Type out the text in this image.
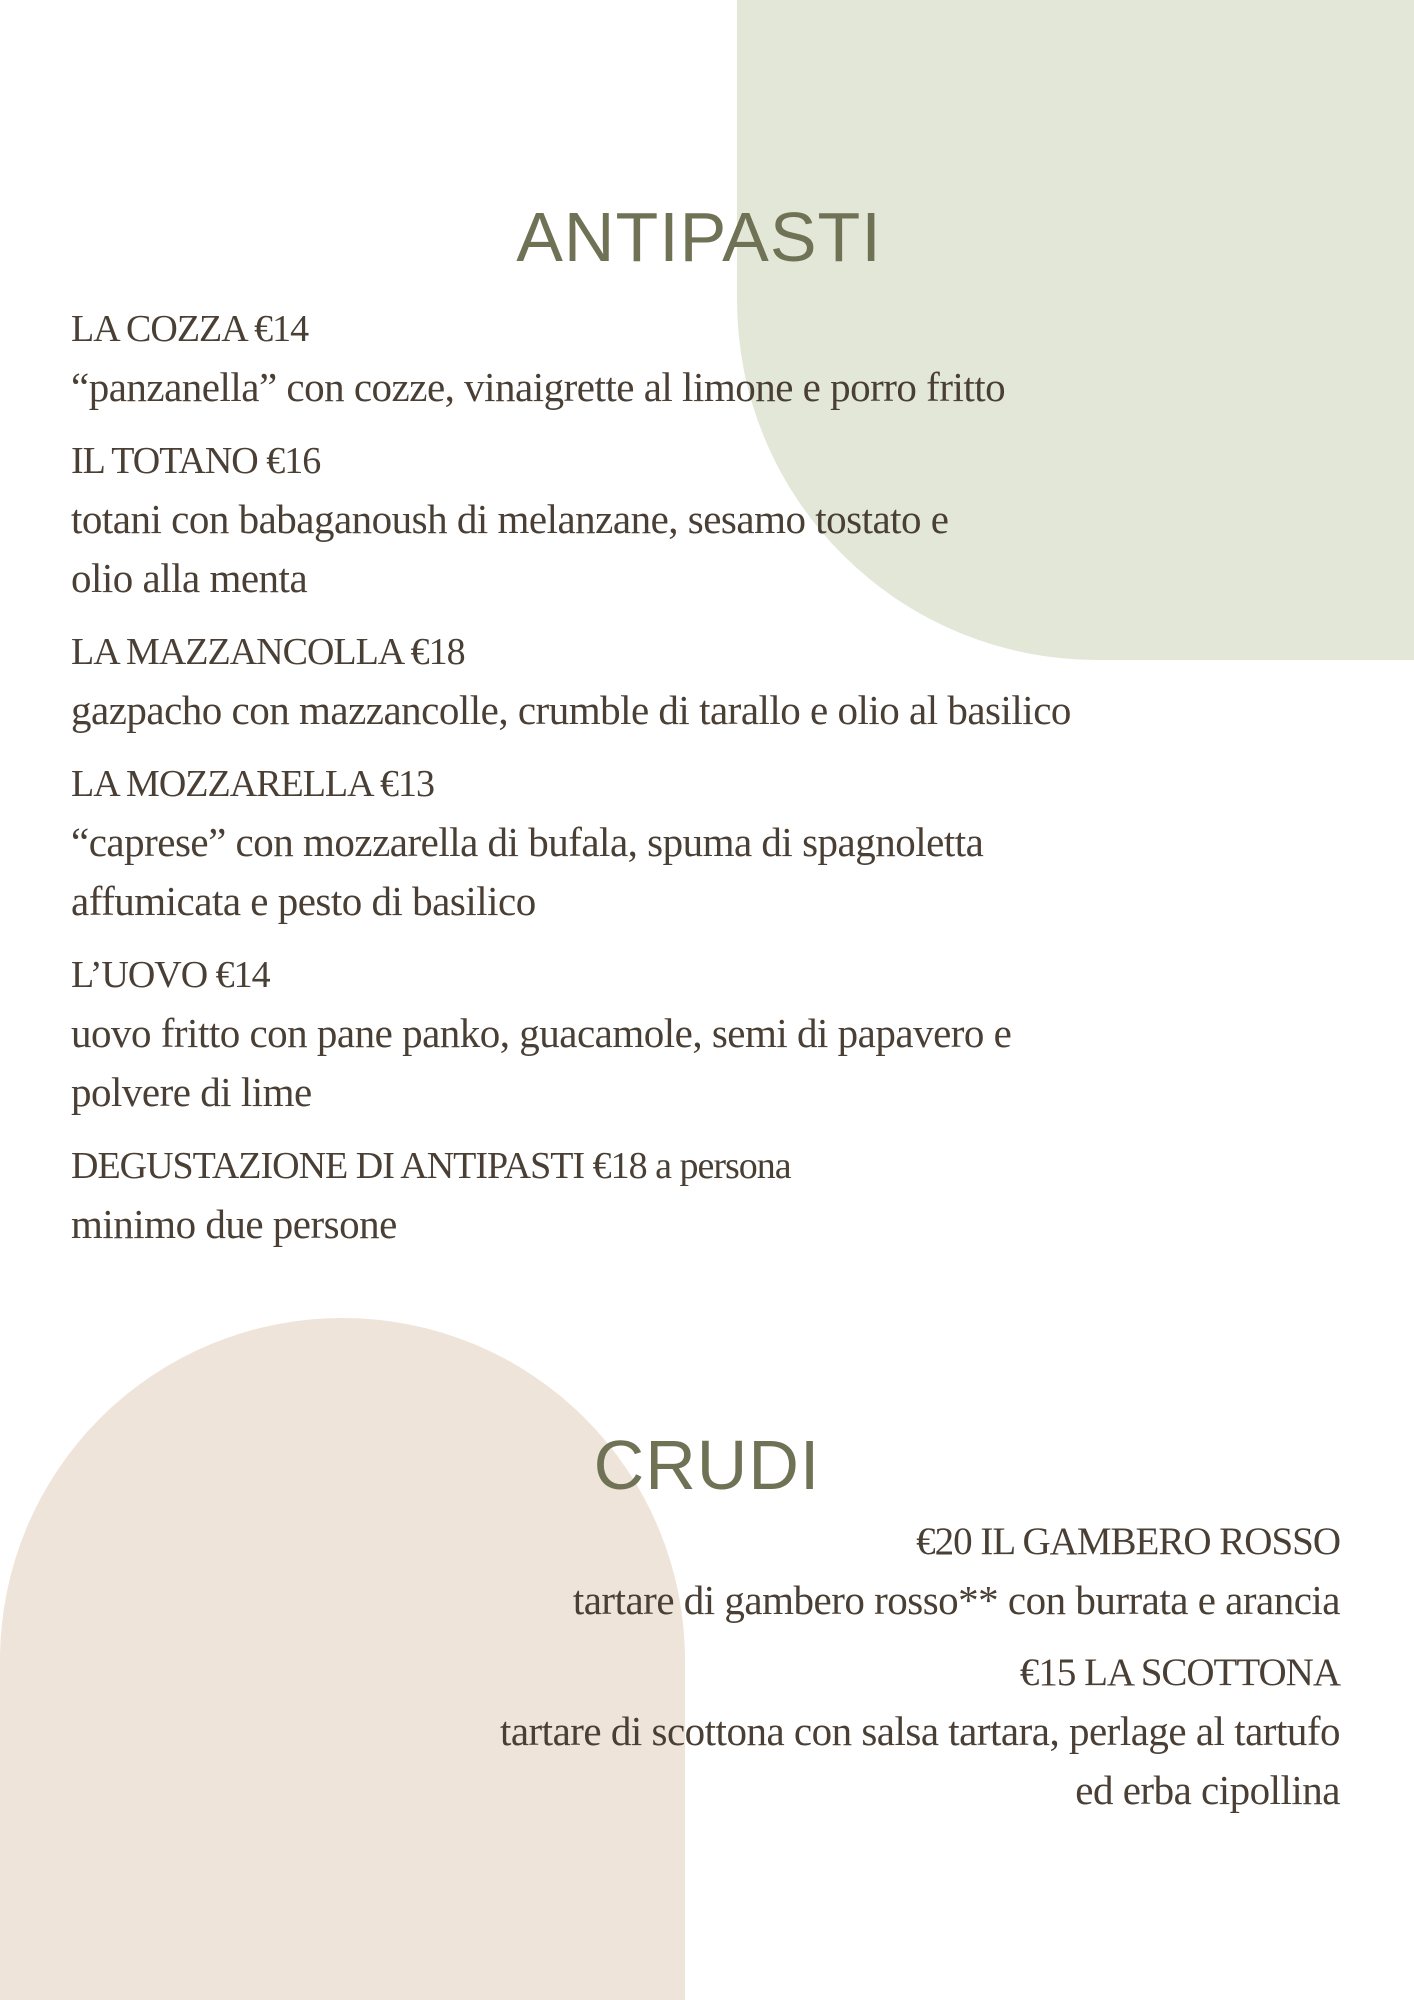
ANTIPASTI
LA COZZA €14
“panzanella” con cozze, vinaigrette al limone e porro fritto
IL TOTANO €16
totani con babaganoush di melanzane, sesamo tostato e
olio alla menta
LA MAZZANCOLLA €18
gazpacho con mazzancolle, crumble di tarallo e olio al basilico
LA MOZZARELLA €13
“caprese” con mozzarella di bufala, spuma di spagnoletta
affumicata e pesto di basilico
L’UOVO €14
uovo fritto con pane panko, guacamole, semi di papavero e
polvere di lime
DEGUSTAZIONE DI ANTIPASTI €18 a persona
minimo due persone
CRUDI
€20 IL GAMBERO ROSSO
tartare di gambero rosso** con burrata e arancia
€15 LA SCOTTONA
tartare di scottona con salsa tartara, perlage al tartufo
ed erba cipollina
